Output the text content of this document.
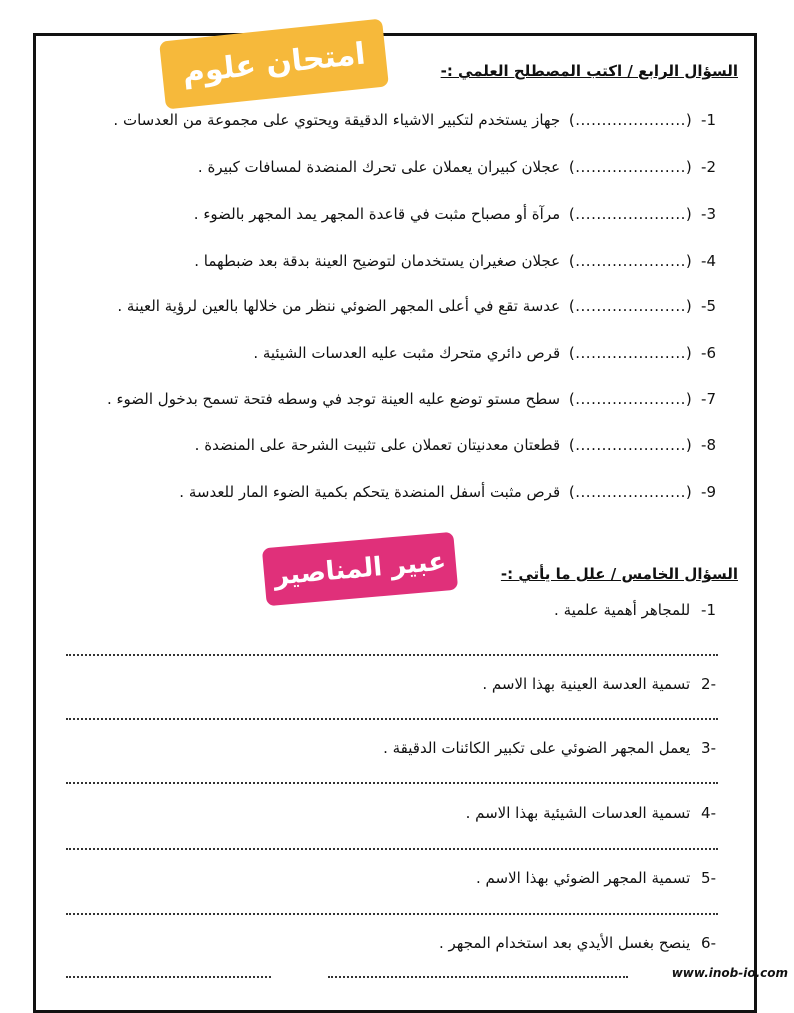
امتحان علوم	السؤال الرابع / اكتب المصطلح العلمي :-
1- (.....................) جهاز يستخدم لتكبير الاشياء الدقيقة ويحتوي على مجموعة من العدسات .
2- (.....................) عجلان كبيران يعملان على تحرك المنضدة لمسافات كبيرة .
3- (.....................) مرآة أو مصباح مثبت في قاعدة المجهر يمد المجهر بالضوء .
4- (.....................) عجلان صغيران يستخدمان لتوضيح العينة بدقة بعد ضبطهما .
5- (.....................) عدسة تقع في أعلى المجهر الضوئي ننظر من خلالها بالعين لرؤية العينة .
6- (.....................) قرص دائري متحرك مثبت عليه العدسات الشيئية .
7- (.....................) سطح مستو توضع عليه العينة توجد في وسطه فتحة تسمح بدخول الضوء .
8- (.....................) قطعتان معدنيتان تعملان على تثبيت الشرحة على المنضدة .
9- (.....................) قرص مثبت أسفل المنضدة يتحكم بكمية الضوء المار للعدسة .
عبير المناصير	السؤال الخامس / علل ما يأتي :-
1- للمجاهر أهمية علمية .
-2 تسمية العدسة العينية بهذا الاسم .
-3 يعمل المجهر الضوئي على تكبير الكائنات الدقيقة .
-4 تسمية العدسات الشيئية بهذا الاسم .
-5 تسمية المجهر الضوئي بهذا الاسم .
-6 ينصح بغسل الأيدي بعد استخدام المجهر .
www.inob-io.com
